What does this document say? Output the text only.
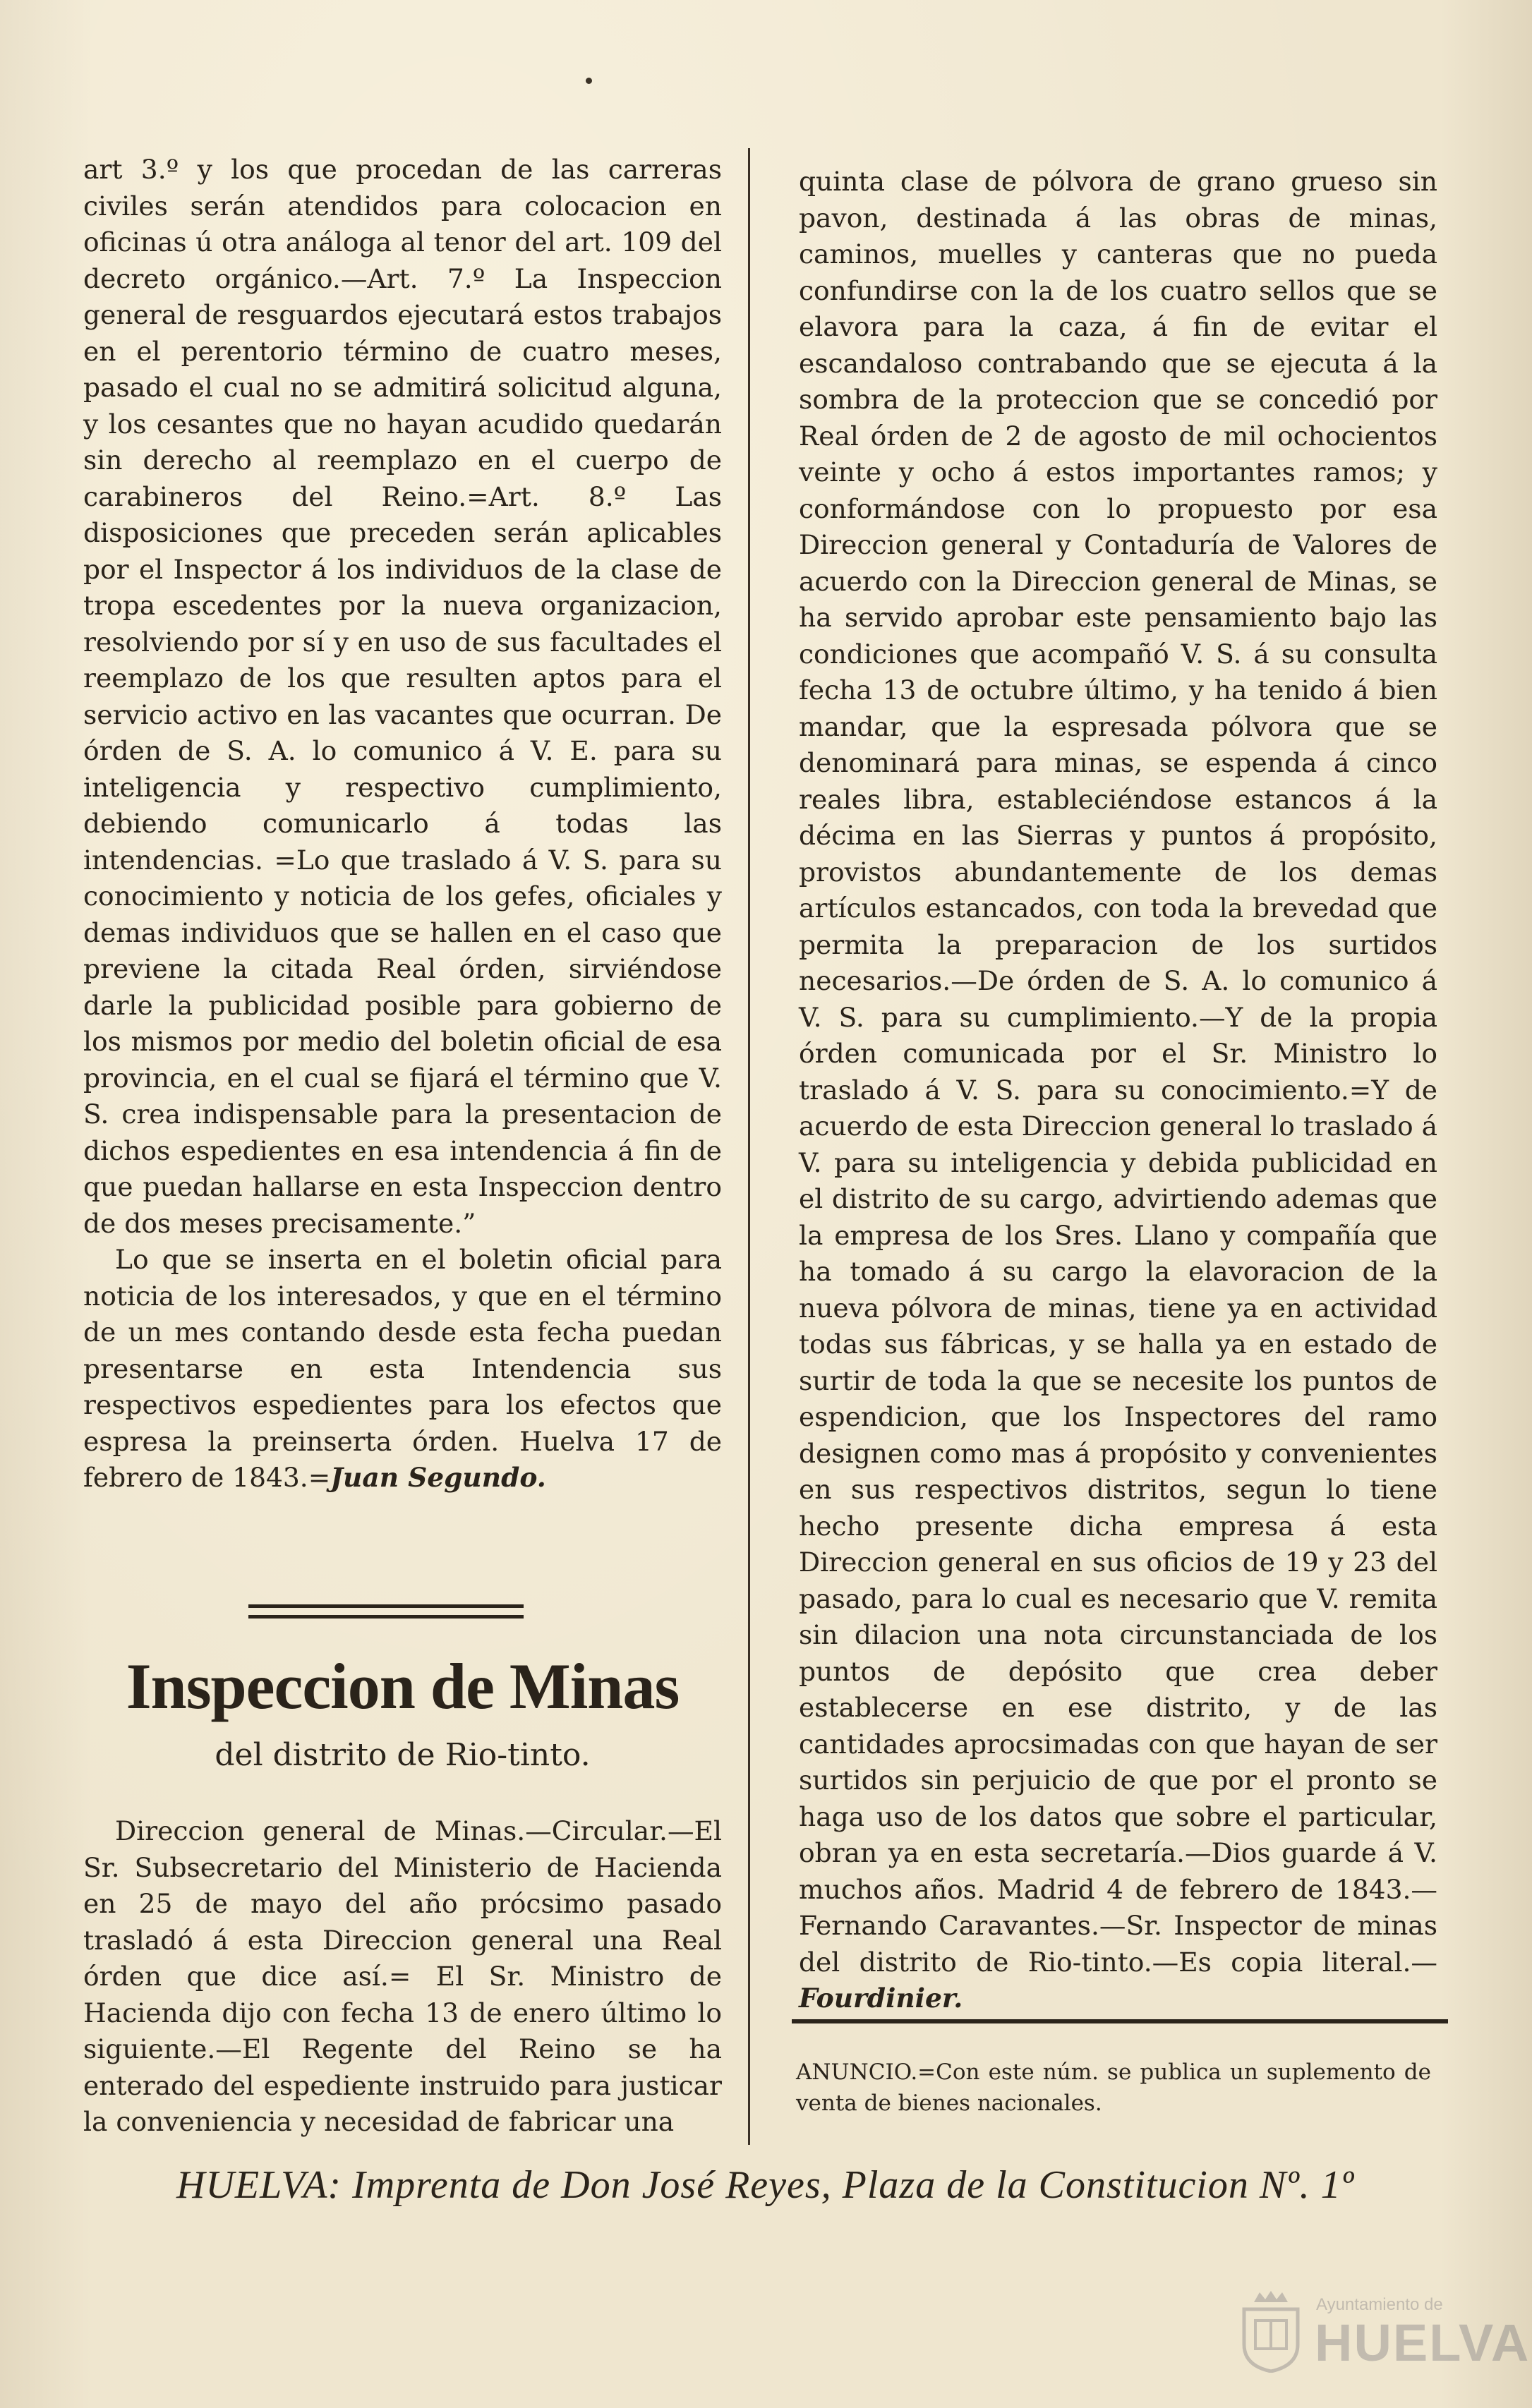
art 3.º y los que procedan de las carreras civiles serán atendidos para colocacion en oficinas ú otra análoga al tenor del art. 109 del decreto orgánico.—Art. 7.º La Inspeccion general de resguardos ejecutará estos trabajos en el perentorio término de cuatro meses, pasado el cual no se admitirá solicitud alguna, y los cesantes que no hayan acudido quedarán sin derecho al reemplazo en el cuerpo de carabineros del Reino.=Art. 8.º Las disposiciones que preceden serán aplicables por el Inspector á los individuos de la clase de tropa escedentes por la nueva organizacion, resolviendo por sí y en uso de sus facultades el reemplazo de los que resulten aptos para el servicio activo en las vacantes que ocurran. De órden de S. A. lo comunico á V. E. para su inteligencia y respectivo cumplimiento, debiendo comunicarlo á todas las intendencias. =Lo que traslado á V. S. para su conocimiento y noticia de los gefes, oficiales y demas individuos que se hallen en el caso que previene la citada Real órden, sirviéndose darle la publicidad posible para gobierno de los mismos por medio del boletin oficial de esa provincia, en el cual se fijará el término que V. S. crea indispensable para la presentacion de dichos espedientes en esa intendencia á fin de que puedan hallarse en esta Inspeccion dentro de dos meses precisamente.”

Lo que se inserta en el boletin oficial para noticia de los interesados, y que en el término de un mes contando desde esta fecha puedan presentarse en esta Intendencia sus respectivos espedientes para los efectos que espresa la preinserta órden. Huelva 17 de febrero de 1843.=Juan Segundo.

Inspeccion de Minas
del distrito de Rio-tinto.

Direccion general de Minas.—Circular.—El Sr. Subsecretario del Ministerio de Hacienda en 25 de mayo del año prócsimo pasado trasladó á esta Direccion general una Real órden que dice así.= El Sr. Ministro de Hacienda dijo con fecha 13 de enero último lo siguiente.—El Regente del Reino se ha enterado del espediente instruido para justicar la conveniencia y necesidad de fabricar una

quinta clase de pólvora de grano grueso sin pavon, destinada á las obras de minas, caminos, muelles y canteras que no pueda confundirse con la de los cuatro sellos que se elavora para la caza, á fin de evitar el escandaloso contrabando que se ejecuta á la sombra de la proteccion que se concedió por Real órden de 2 de agosto de mil ochocientos veinte y ocho á estos importantes ramos; y conformándose con lo propuesto por esa Direccion general y Contaduría de Valores de acuerdo con la Direccion general de Minas, se ha servido aprobar este pensamiento bajo las condiciones que acompañó V. S. á su consulta fecha 13 de octubre último, y ha tenido á bien mandar, que la espresada pólvora que se denominará para minas, se espenda á cinco reales libra, estableciéndose estancos á la décima en las Sierras y puntos á propósito, provistos abundantemente de los demas artículos estancados, con toda la brevedad que permita la preparacion de los surtidos necesarios.—De órden de S. A. lo comunico á V. S. para su cumplimiento.—Y de la propia órden comunicada por el Sr. Ministro lo traslado á V. S. para su conocimiento.=Y de acuerdo de esta Direccion general lo traslado á V. para su inteligencia y debida publicidad en el distrito de su cargo, advirtiendo ademas que la empresa de los Sres. Llano y compañía que ha tomado á su cargo la elavoracion de la nueva pólvora de minas, tiene ya en actividad todas sus fábricas, y se halla ya en estado de surtir de toda la que se necesite los puntos de espendicion, que los Inspectores del ramo designen como mas á propósito y convenientes en sus respectivos distritos, segun lo tiene hecho presente dicha empresa á esta Direccion general en sus oficios de 19 y 23 del pasado, para lo cual es necesario que V. remita sin dilacion una nota circunstanciada de los puntos de depósito que crea deber establecerse en ese distrito, y de las cantidades aprocsimadas con que hayan de ser surtidos sin perjuicio de que por el pronto se haga uso de los datos que sobre el particular, obran ya en esta secretaría.—Dios guarde á V. muchos años. Madrid 4 de febrero de 1843.—Fernando Caravantes.—Sr. Inspector de minas del distrito de Rio-tinto.—Es copia literal.—Fourdinier.

ANUNCIO.=Con este núm. se publica un suplemento de venta de bienes nacionales.
HUELVA: Imprenta de Don José Reyes, Plaza de la Constitucion Nº. 1º
Ayuntamiento de
HUELVA
